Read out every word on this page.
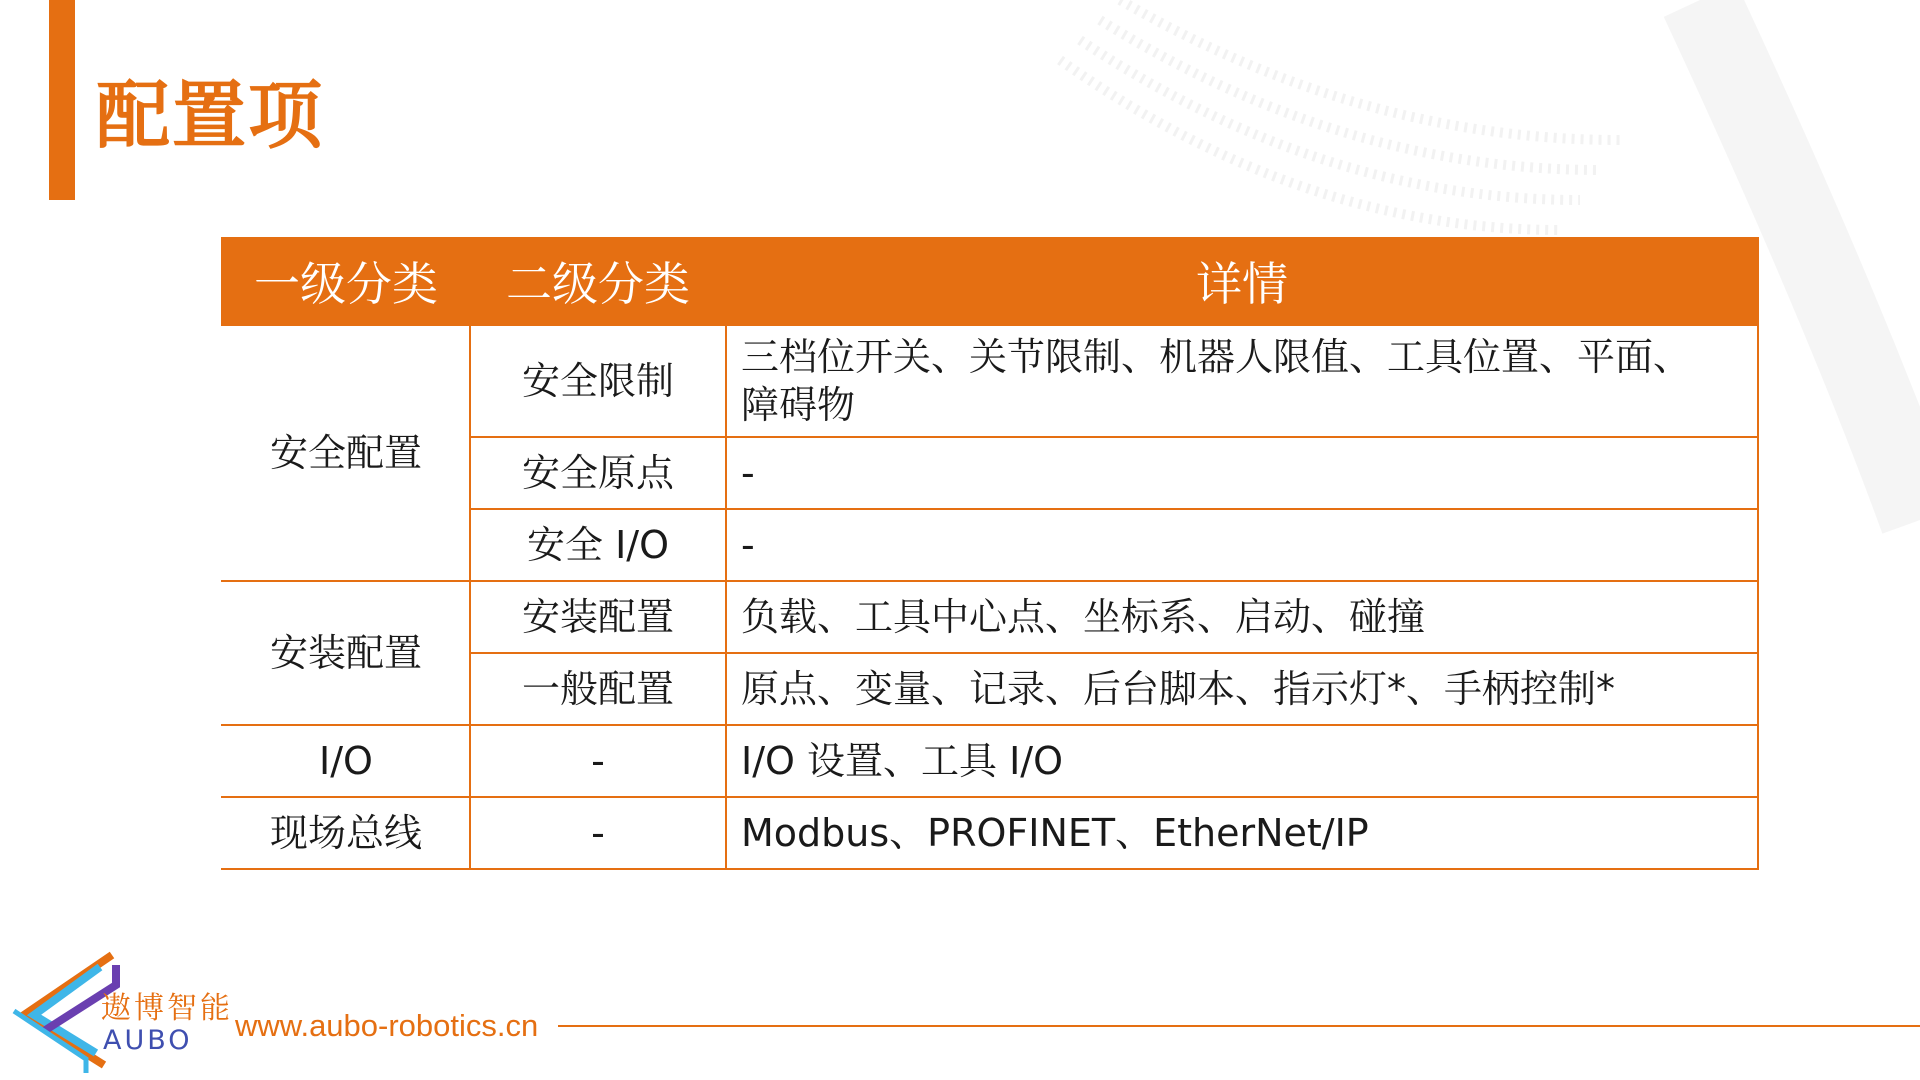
配置项
一级分类	二级分类	详情
安全配置	安全限制	三档位开关、关节限制、机器人限值、工具位置、平面、
障碍物
	安全原点	-
	安全 I/O	-
安装配置	安装配置	负载、工具中心点、坐标系、启动、碰撞
	一般配置	原点、变量、记录、后台脚本、指示灯*、手柄控制*
I/O	-	I/O 设置、工具 I/O
现场总线	-	Modbus、PROFINET、EtherNet/IP
遨博智能
AUBO www.aubo-robotics.cn
